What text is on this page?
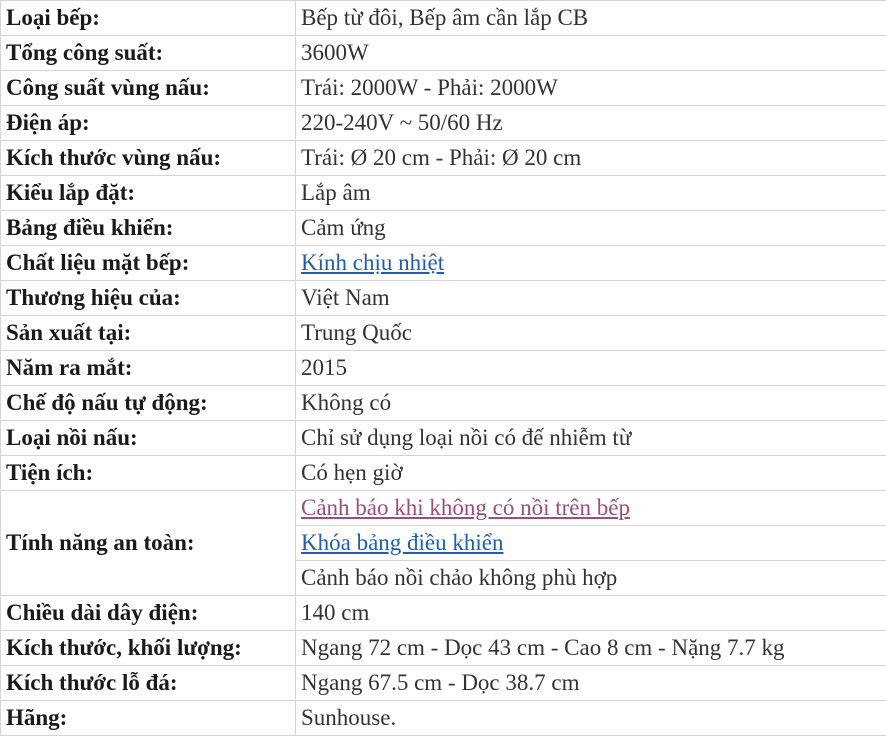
Loại bếp:	Bếp từ đôi, Bếp âm cần lắp CB
Tổng công suất:	3600W
Công suất vùng nấu:	Trái: 2000W - Phải: 2000W
Điện áp:	220-240V ~ 50/60 Hz
Kích thước vùng nấu:	Trái: Ø 20 cm - Phải: Ø 20 cm
Kiểu lắp đặt:	Lắp âm
Bảng điều khiển:	Cảm ứng
Chất liệu mặt bếp:	Kính chịu nhiệt
Thương hiệu của:	Việt Nam
Sản xuất tại:	Trung Quốc
Năm ra mắt:	2015
Chế độ nấu tự động:	Không có
Loại nồi nấu:	Chỉ sử dụng loại nồi có đế nhiễm từ
Tiện ích:	Có hẹn giờ
Tính năng an toàn:	Cảnh báo khi không có nồi trên bếp
	Khóa bảng điều khiển
	Cảnh báo nồi chảo không phù hợp
Chiều dài dây điện:	140 cm
Kích thước, khối lượng:	Ngang 72 cm - Dọc 43 cm - Cao 8 cm - Nặng 7.7 kg
Kích thước lỗ đá:	Ngang 67.5 cm - Dọc 38.7 cm
Hãng:	Sunhouse.
